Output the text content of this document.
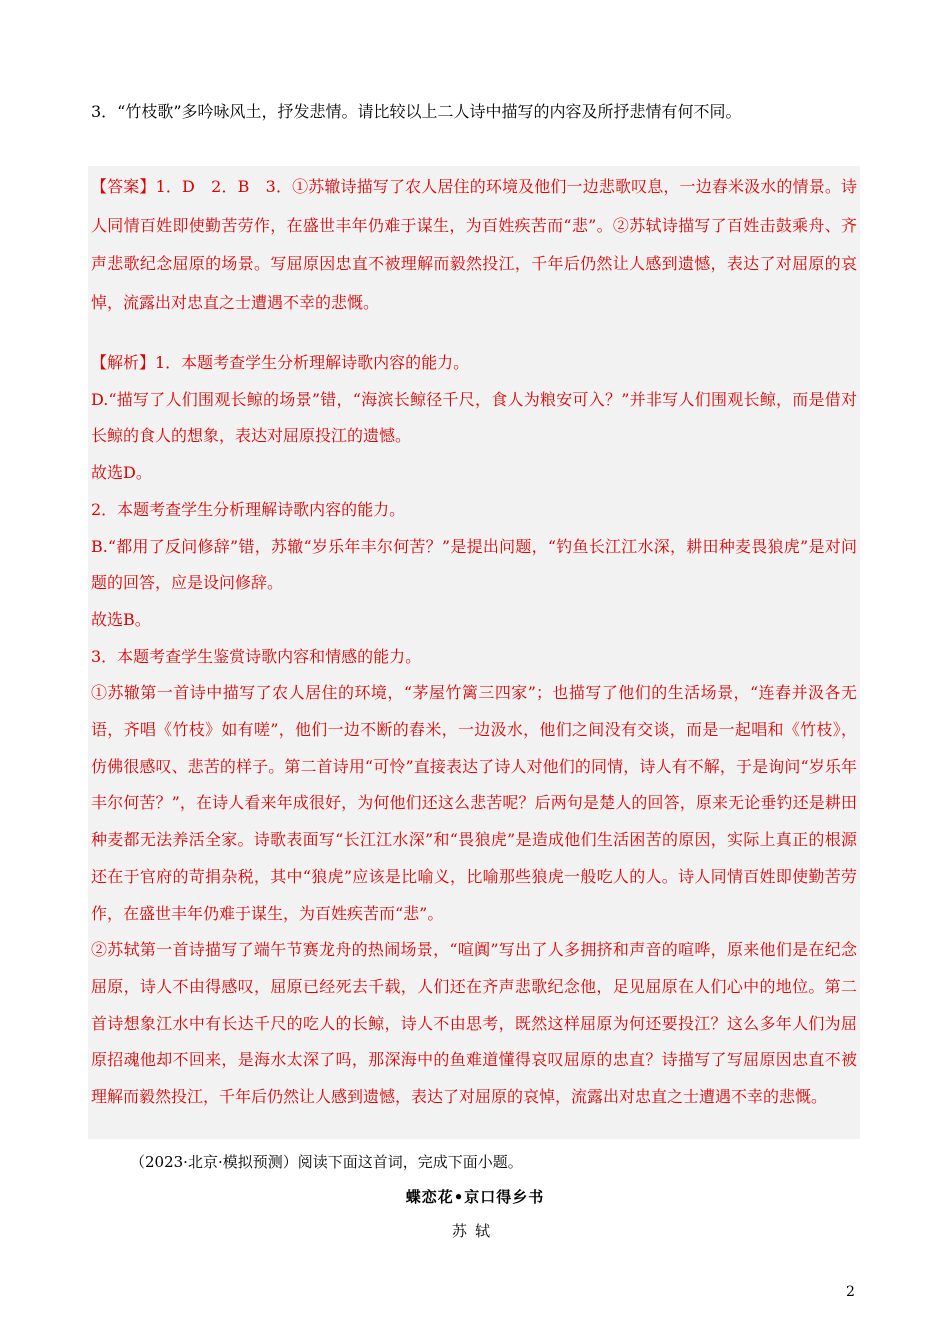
3．“竹枝歌”多吟咏风土，抒发悲情。请比较以上二人诗中描写的内容及所抒悲情有何不同。

【答案】1．D　2．B　3．①苏辙诗描写了农人居住的环境及他们一边悲歌叹息，一边舂米汲水的情景。诗人同情百姓即使勤苦劳作，在盛世丰年仍难于谋生，为百姓疾苦而“悲”。②苏轼诗描写了百姓击鼓乘舟、齐声悲歌纪念屈原的场景。写屈原因忠直不被理解而毅然投江，千年后仍然让人感到遗憾，表达了对屈原的哀悼，流露出对忠直之士遭遇不幸的悲慨。

【解析】1．本题考查学生分析理解诗歌内容的能力。

D.“描写了人们围观长鲸的场景”错，“海滨长鲸径千尺，食人为粮安可入？”并非写人们围观长鲸，而是借对长鲸的食人的想象，表达对屈原投江的遗憾。

故选D。

2．本题考查学生分析理解诗歌内容的能力。

B.“都用了反问修辞”错，苏辙“岁乐年丰尔何苦？”是提出问题，“钓鱼长江江水深，耕田种麦畏狼虎”是对问题的回答，应是设问修辞。

故选B。

3．本题考查学生鉴赏诗歌内容和情感的能力。

①苏辙第一首诗中描写了农人居住的环境，“茅屋竹篱三四家”；也描写了他们的生活场景，“连舂并汲各无语，齐唱《竹枝》如有嗟”，他们一边不断的舂米，一边汲水，他们之间没有交谈，而是一起唱和《竹枝》，仿佛很感叹、悲苦的样子。第二首诗用“可怜”直接表达了诗人对他们的同情，诗人有不解，于是询问“岁乐年丰尔何苦？”，在诗人看来年成很好，为何他们还这么悲苦呢？后两句是楚人的回答，原来无论垂钓还是耕田种麦都无法养活全家。诗歌表面写“长江江水深”和“畏狼虎”是造成他们生活困苦的原因，实际上真正的根源还在于官府的苛捐杂税，其中“狼虎”应该是比喻义，比喻那些狼虎一般吃人的人。诗人同情百姓即使勤苦劳作，在盛世丰年仍难于谋生，为百姓疾苦而“悲”。

②苏轼第一首诗描写了端午节赛龙舟的热闹场景，“喧阗”写出了人多拥挤和声音的喧哗，原来他们是在纪念屈原，诗人不由得感叹，屈原已经死去千载，人们还在齐声悲歌纪念他，足见屈原在人们心中的地位。第二首诗想象江水中有长达千尺的吃人的长鲸，诗人不由思考，既然这样屈原为何还要投江？这么多年人们为屈原招魂他却不回来，是海水太深了吗，那深海中的鱼难道懂得哀叹屈原的忠直？诗描写了写屈原因忠直不被理解而毅然投江，千年后仍然让人感到遗憾，表达了对屈原的哀悼，流露出对忠直之士遭遇不幸的悲慨。

（2023·北京·模拟预测）阅读下面这首词，完成下面小题。
蝶恋花•京口得乡书
苏轼
2
